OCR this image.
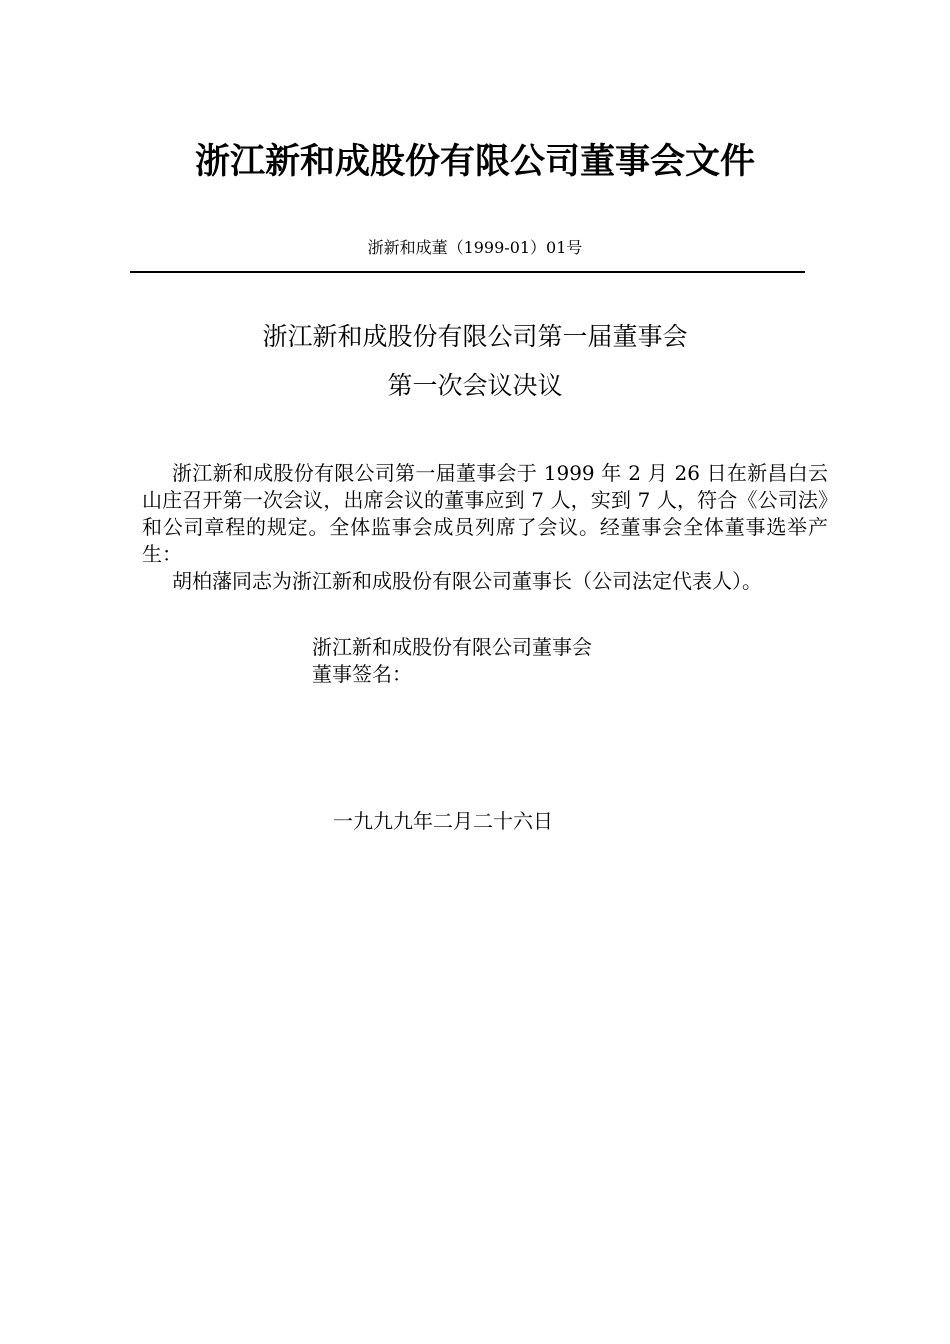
浙江新和成股份有限公司董事会文件
浙新和成董（1999-01）01号
浙江新和成股份有限公司第一届董事会
第一次会议决议

浙江新和成股份有限公司第一届董事会于 1999 年 2 月 26 日在新昌白云山庄召开第一次会议，出席会议的董事应到 7 人，实到 7 人，符合《公司法》和公司章程的规定。全体监事会成员列席了会议。经董事会全体董事选举产生：

胡柏藩同志为浙江新和成股份有限公司董事长（公司法定代表人）。

浙江新和成股份有限公司董事会
董事签名：
一九九九年二月二十六日
